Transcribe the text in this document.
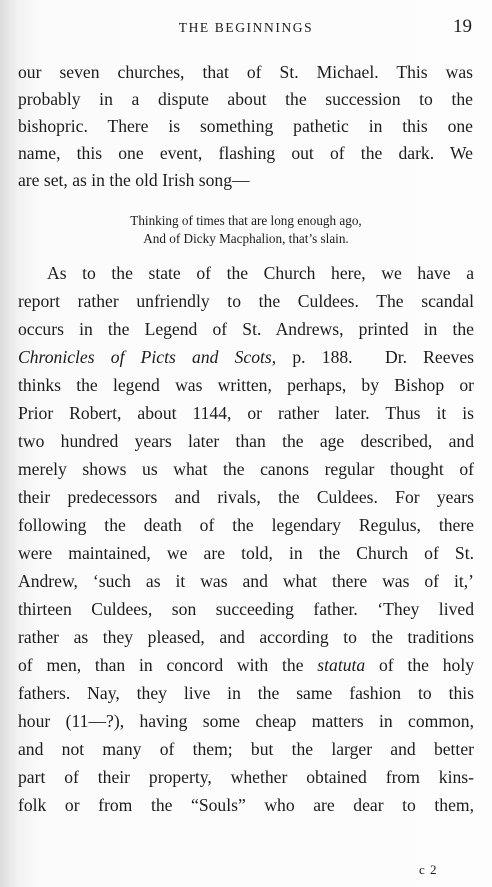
THE BEGINNINGS	19
our seven churches, that of St. Michael. This was
probably in a dispute about the succession to the
bishopric. There is something pathetic in this one
name, this one event, flashing out of the dark. We
are set, as in the old Irish song—
Thinking of times that are long enough ago,
And of Dicky Macphalion, that’s slain.
As to the state of the Church here, we have a
report rather unfriendly to the Culdees. The scandal
occurs in the Legend of St. Andrews, printed in the
Chronicles of Picts and Scots, p. 188.  Dr. Reeves
thinks the legend was written, perhaps, by Bishop or
Prior Robert, about 1144, or rather later. Thus it is
two hundred years later than the age described, and
merely shows us what the canons regular thought of
their predecessors and rivals, the Culdees. For years
following the death of the legendary Regulus, there
were maintained, we are told, in the Church of St.
Andrew, ‘such as it was and what there was of it,’
thirteen Culdees, son succeeding father. ‘They lived
rather as they pleased, and according to the traditions
of men, than in concord with the statuta of the holy
fathers. Nay, they live in the same fashion to this
hour (11—?), having some cheap matters in common,
and not many of them; but the larger and better
part of their property, whether obtained from kins-
folk or from the “Souls” who are dear to them,
c 2
